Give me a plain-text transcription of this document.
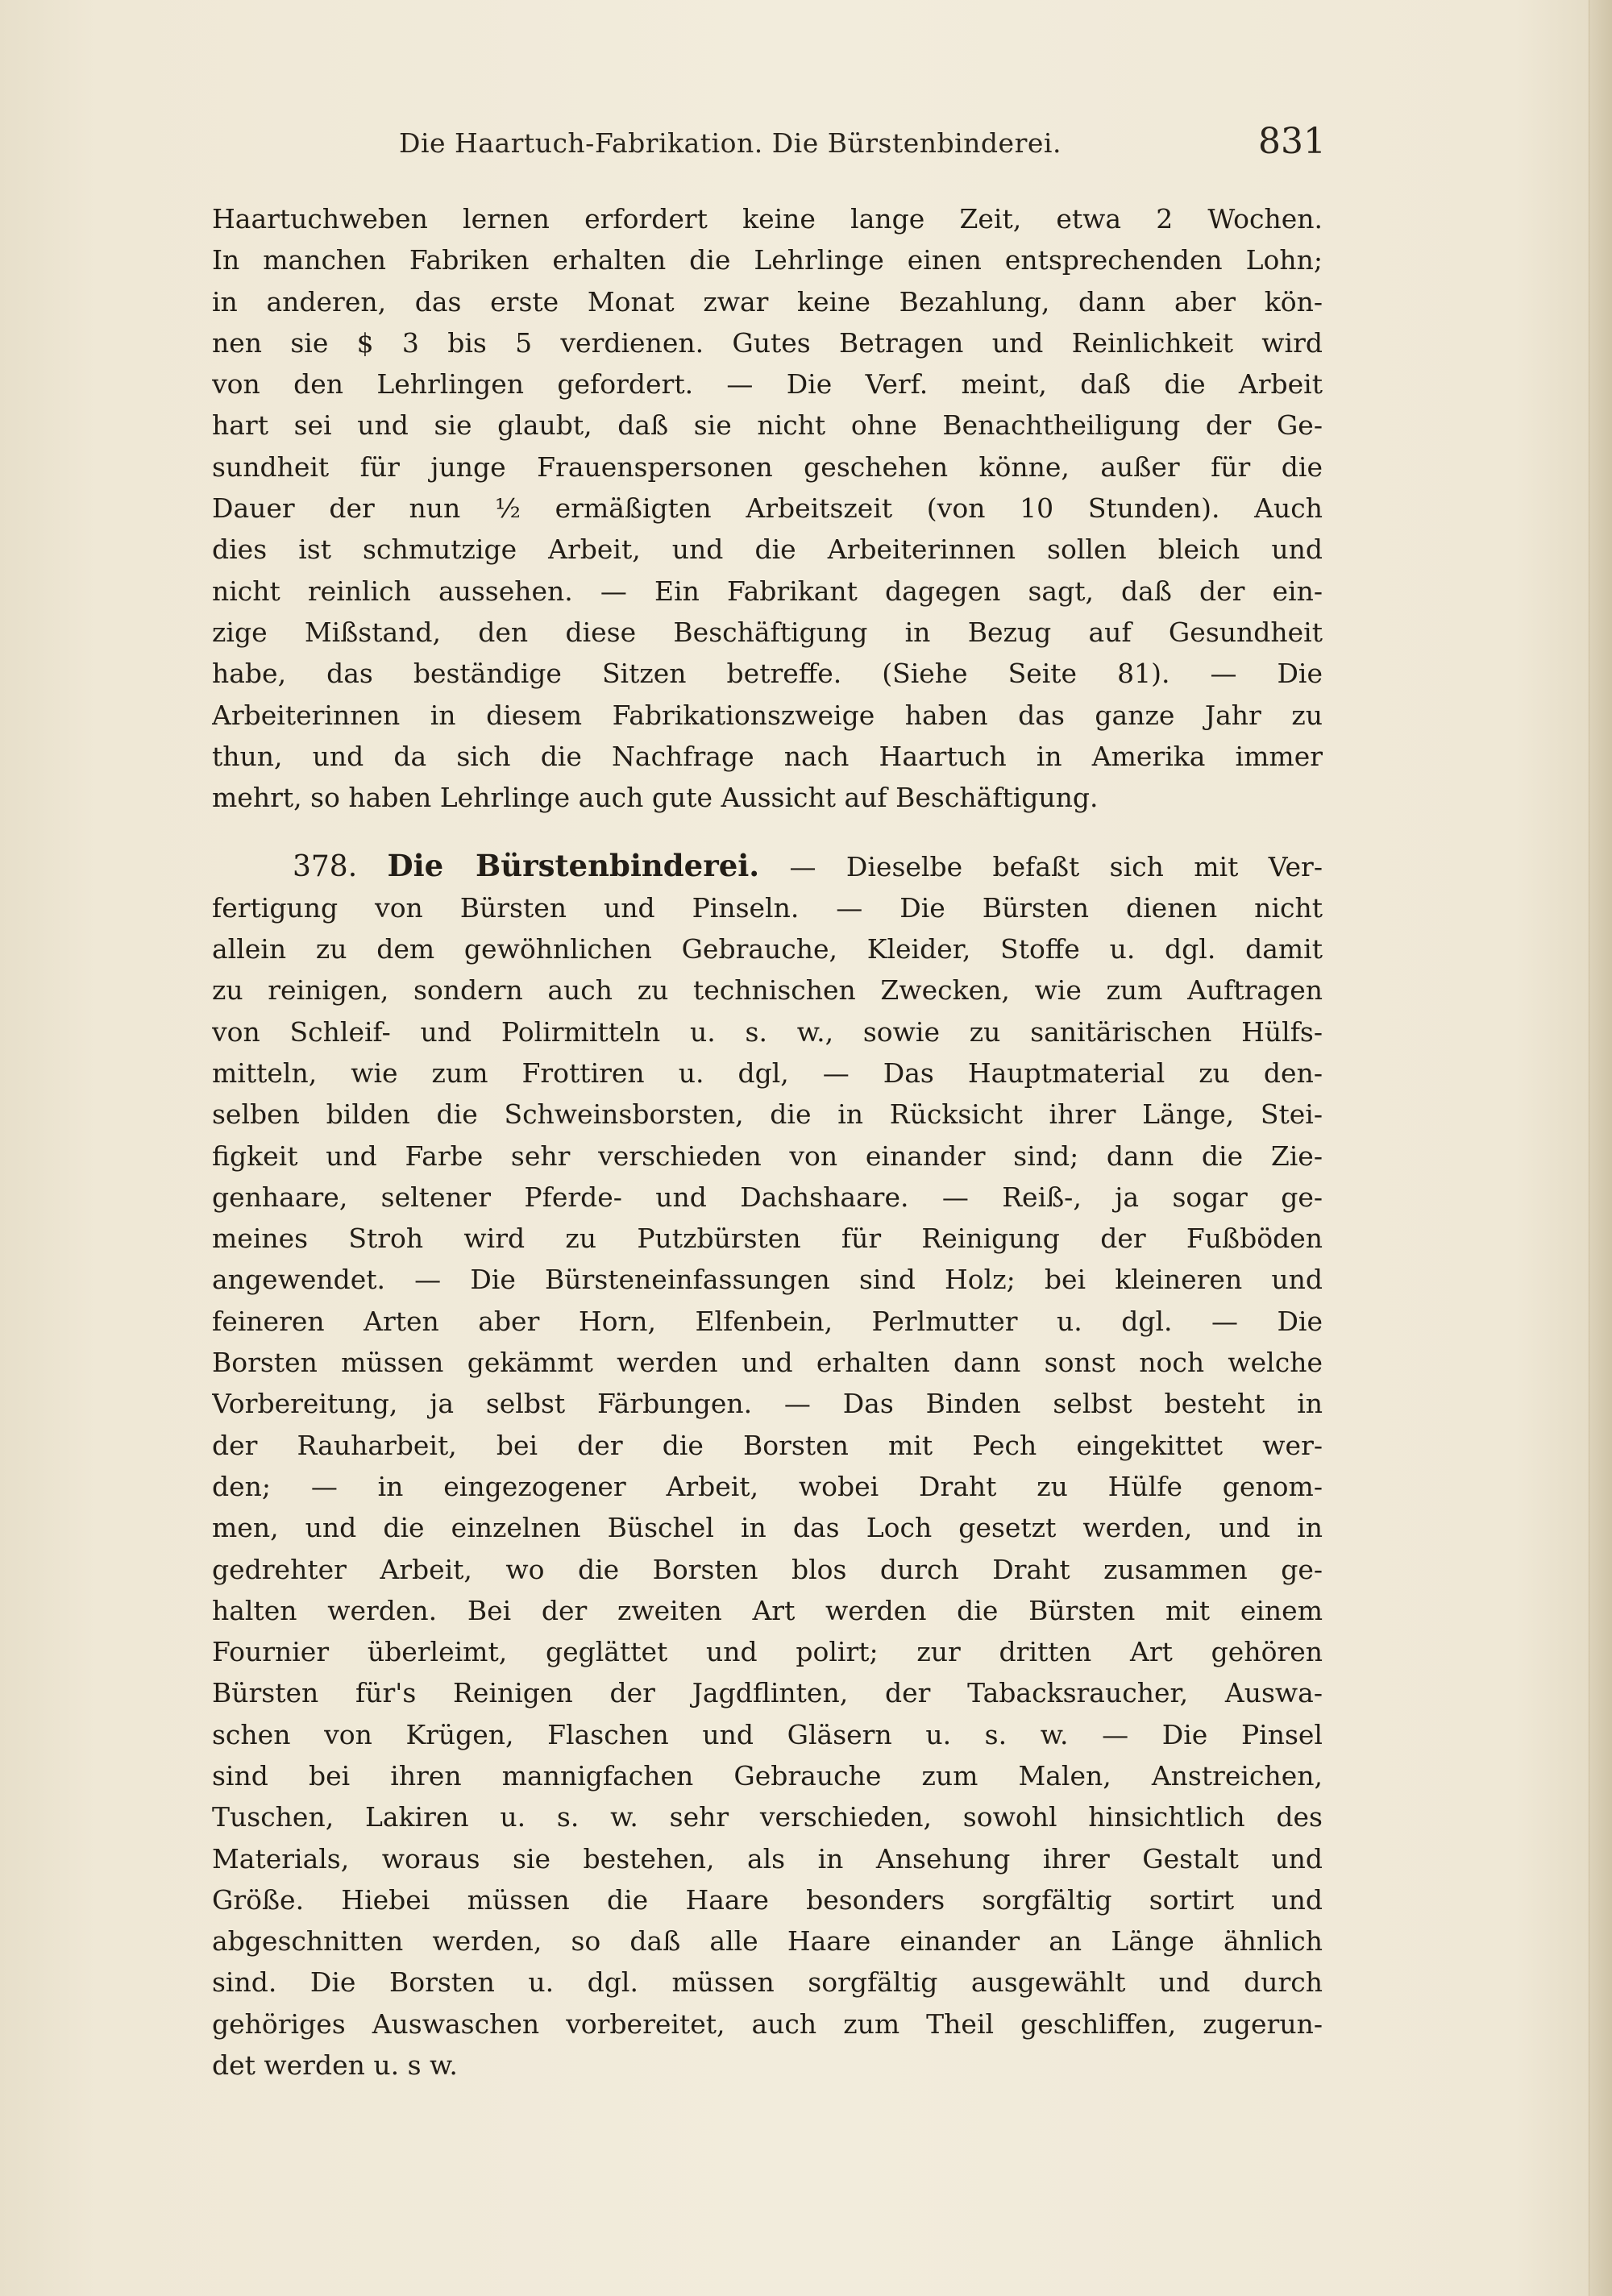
Die Haartuch-Fabrikation. Die Bürstenbinderei.	831
Haartuchweben lernen erfordert keine lange Zeit, etwa 2 Wochen.
In manchen Fabriken erhalten die Lehrlinge einen entsprechenden Lohn;
in anderen, das erste Monat zwar keine Bezahlung, dann aber kön-
nen sie $ 3 bis 5 verdienen. Gutes Betragen und Reinlichkeit wird
von den Lehrlingen gefordert. — Die Verf. meint, daß die Arbeit
hart sei und sie glaubt, daß sie nicht ohne Benachtheiligung der Ge-
sundheit für junge Frauenspersonen geschehen könne, außer für die
Dauer der nun ½ ermäßigten Arbeitszeit (von 10 Stunden). Auch
dies ist schmutzige Arbeit, und die Arbeiterinnen sollen bleich und
nicht reinlich aussehen. — Ein Fabrikant dagegen sagt, daß der ein-
zige Mißstand, den diese Beschäftigung in Bezug auf Gesundheit
habe, das beständige Sitzen betreffe. (Siehe Seite 81). — Die
Arbeiterinnen in diesem Fabrikationszweige haben das ganze Jahr zu
thun, und da sich die Nachfrage nach Haartuch in Amerika immer
mehrt, so haben Lehrlinge auch gute Aussicht auf Beschäftigung.
378. Die Bürstenbinderei. — Dieselbe befaßt sich mit Ver-
fertigung von Bürsten und Pinseln. — Die Bürsten dienen nicht
allein zu dem gewöhnlichen Gebrauche, Kleider, Stoffe u. dgl. damit
zu reinigen, sondern auch zu technischen Zwecken, wie zum Auftragen
von Schleif- und Polirmitteln u. s. w., sowie zu sanitärischen Hülfs-
mitteln, wie zum Frottiren u. dgl, — Das Hauptmaterial zu den-
selben bilden die Schweinsborsten, die in Rücksicht ihrer Länge, Stei-
figkeit und Farbe sehr verschieden von einander sind; dann die Zie-
genhaare, seltener Pferde- und Dachshaare. — Reiß-, ja sogar ge-
meines Stroh wird zu Putzbürsten für Reinigung der Fußböden
angewendet. — Die Bürsteneinfassungen sind Holz; bei kleineren und
feineren Arten aber Horn, Elfenbein, Perlmutter u. dgl. — Die
Borsten müssen gekämmt werden und erhalten dann sonst noch welche
Vorbereitung, ja selbst Färbungen. — Das Binden selbst besteht in
der Rauharbeit, bei der die Borsten mit Pech eingekittet wer-
den; — in eingezogener Arbeit, wobei Draht zu Hülfe genom-
men, und die einzelnen Büschel in das Loch gesetzt werden, und in
gedrehter Arbeit, wo die Borsten blos durch Draht zusammen ge-
halten werden. Bei der zweiten Art werden die Bürsten mit einem
Fournier überleimt, geglättet und polirt; zur dritten Art gehören
Bürsten für's Reinigen der Jagdflinten, der Tabacksraucher, Auswa-
schen von Krügen, Flaschen und Gläsern u. s. w. — Die Pinsel
sind bei ihren mannigfachen Gebrauche zum Malen, Anstreichen,
Tuschen, Lakiren u. s. w. sehr verschieden, sowohl hinsichtlich des
Materials, woraus sie bestehen, als in Ansehung ihrer Gestalt und
Größe. Hiebei müssen die Haare besonders sorgfältig sortirt und
abgeschnitten werden, so daß alle Haare einander an Länge ähnlich
sind. Die Borsten u. dgl. müssen sorgfältig ausgewählt und durch
gehöriges Auswaschen vorbereitet, auch zum Theil geschliffen, zugerun-
det werden u. s w.
